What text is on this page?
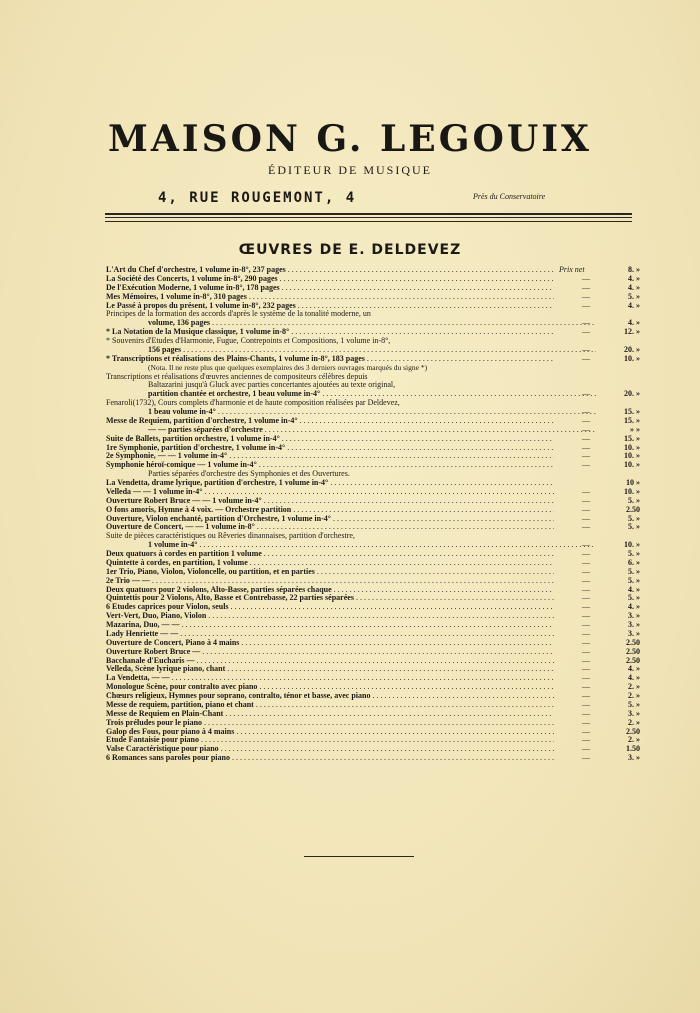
MAISON G. LEGOUIX
ÉDITEUR DE MUSIQUE
4, RUE ROUGEMONT, 4	Près du Conservatoire
ŒUVRES DE E. DELDEVEZ
L'Art du Chef d'orchestre, 1 volume in-8°, 237 pages . . .	Prix net	8. »
La Société des Concerts, 1 volume in-8°, 290 pages . . .	—	4. »
De l'Exécution Moderne, 1 volume in-8°, 178 pages . . .	—	4. »
Mes Mémoires, 1 volume in-8°, 310 pages . . .	—	5. »
Le Passé à propos du présent, 1 volume in-8°, 232 pages . . .	—	4. »
Principes de la formation des accords d'après le système de la tonalité moderne, un
volume, 136 pages . . .	—	4. »
* La Notation de la Musique classique, 1 volume in-8° . . .	—	12. »
* Souvenirs d'Etudes d'Harmonie, Fugue, Contrepoints et Compositions, 1 volume in-8°,
156 pages . . .	—	20. »
* Transcriptions et réalisations des Plains-Chants, 1 volume in-8°, 183 pages . . .	—	10. »
(Nota. Il ne reste plus que quelques exemplaires des 3 derniers ouvrages marqués du signe *)
Transcriptions et réalisations d'œuvres anciennes de compositeurs célèbres depuis
Baltazarini jusqu'à Gluck avec parties concertantes ajoutées au texte original,
partition chantée et orchestre, 1 beau volume in-4° . . .	—	20. »
Fenaroli(1732), Cours complets d'harmonie et de haute composition réalisées par Deldevez,
1 beau volume in-4° . . .	—	15. »
Messe de Requiem, partition d'orchestre, 1 volume in-4° . . .	—	15. »
— — parties séparées d'orchestre . . .	—	» »
Suite de Ballets, partition orchestre, 1 volume in-4° . . .	—	15. »
1re Symphonie, partition d'orchestre, 1 volume in-4° . . .	—	10. »
2e Symphonie, — — 1 volume in-4° . . .	—	10. »
Symphonie héroï-comique — 1 volume in-4° . . .	—	10. »
Parties séparées d'orchestre des Symphonies et des Ouvertures.
La Vendetta, drame lyrique, partition d'orchestre, 1 volume in-4° . . .	10 »
Velleda — — 1 volume in-4° . . .	—	10. »
Ouverture Robert Bruce — — 1 volume in-4° . . .	—	5. »
O fons amoris, Hymne à 4 voix. — Orchestre partition . . .	—	2.50
Ouverture, Violon enchanté, partition d'Orchestre, 1 volume in-4° . . .	—	5. »
Ouverture de Concert, — — 1 volume in-8° . . .	—	5. »
Suite de pièces caractéristiques ou Rêveries dinannaises, partition d'orchestre,
1 volume in-4° . . .	—	10. »
Deux quatuors à cordes en partition 1 volume . . .	—	5. »
Quintette à cordes, en partition, 1 volume . . .	—	6. »
1er Trio, Piano, Violon, Violoncelle, ou partition, et en parties . . .	—	5. »
2e Trio — — . . .	—	5. »
Deux quatuors pour 2 violons, Alto-Basse, parties séparées chaque . . .	—	4. »
Quintettis pour 2 Violons, Alto, Basse et Contrebasse, 22 parties séparées . . .	—	5. »
6 Etudes caprices pour Violon, seuls . . .	—	4. »
Vert-Vert, Duo, Piano, Violon . . .	—	3. »
Mazarina, Duo, — — . . .	—	3. »
Lady Henriette — — . . .	—	3. »
Ouverture de Concert, Piano à 4 mains . . .	—	2.50
Ouverture Robert Bruce — . . .	—	2.50
Bacchanale d'Eucharis — . . .	—	2.50
Velleda, Scène lyrique piano, chant . . .	—	4. »
La Vendetta, — — . . .	—	4. »
Monologue Scène, pour contralto avec piano . . .	—	2. »
Chœurs religieux, Hymnes pour soprano, contralto, ténor et basse, avec piano . . .	—	2. »
Messe de requiem, partition, piano et chant . . .	—	5. »
Messe de Requiem en Plain-Chant . . .	—	3. »
Trois préludes pour le piano . . .	—	2. »
Galop des Fous, pour piano à 4 mains . . .	—	2.50
Etude Fantaisie pour piano . . .	—	2. »
Valse Caractéristique pour piano . . .	—	1.50
6 Romances sans paroles pour piano . . .	—	3. »
